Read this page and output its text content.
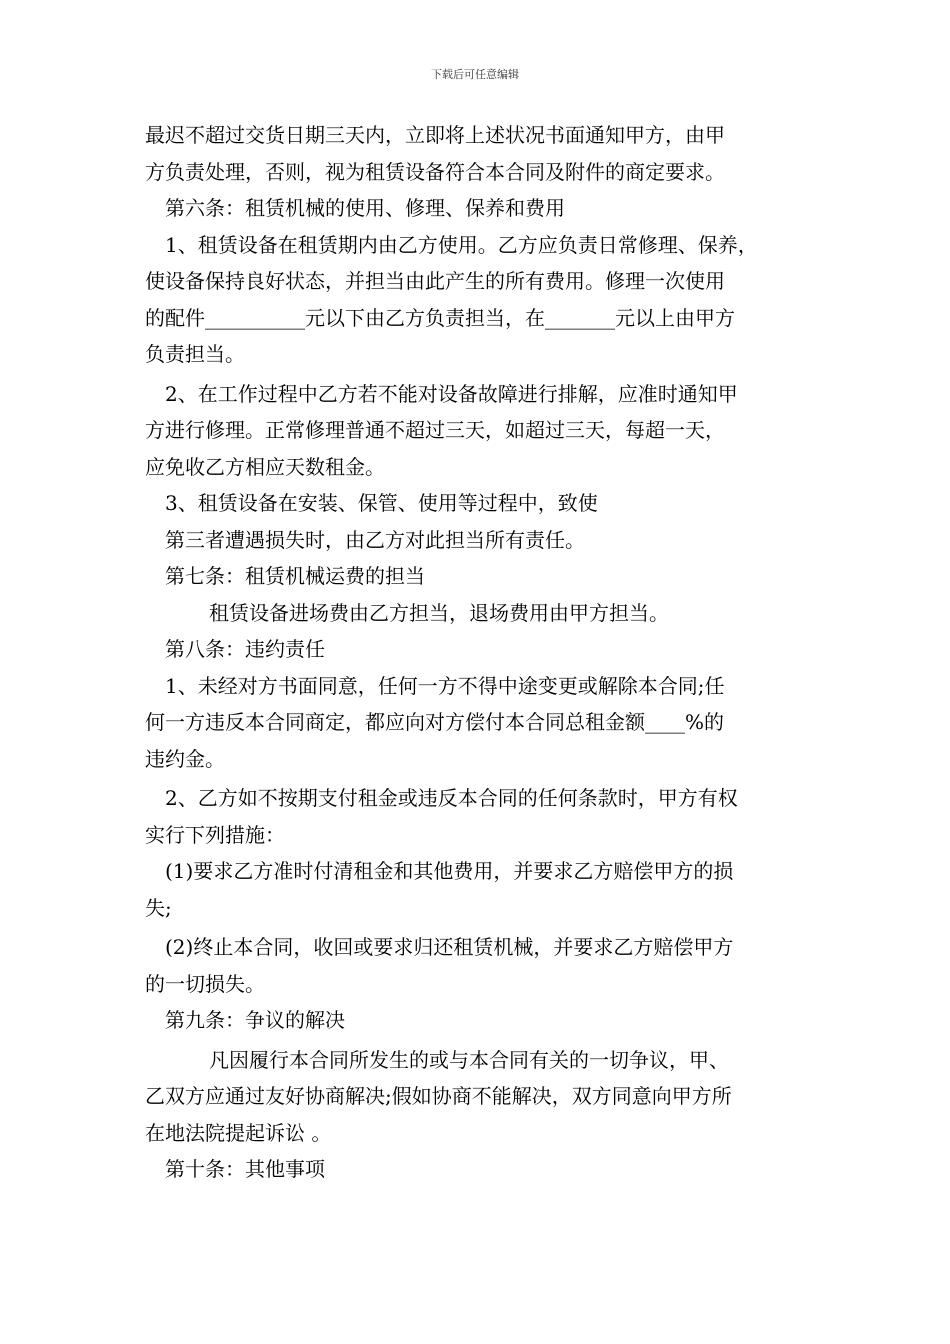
下载后可任意编辑

最迟不超过交货日期三天内，立即将上述状况书面通知甲方，由甲

方负责处理，否则，视为租赁设备符合本合同及附件的商定要求。

第六条：租赁机械的使用、修理、保养和费用

1、租赁设备在租赁期内由乙方使用。乙方应负责日常修理、保养，

使设备保持良好状态，并担当由此产生的所有费用。修理一次使用

的配件__________元以下由乙方负责担当，在_______元以上由甲方

负责担当。

2、在工作过程中乙方若不能对设备故障进行排解，应准时通知甲

方进行修理。正常修理普通不超过三天，如超过三天，每超一天，

应免收乙方相应天数租金。

3、租赁设备在安装、保管、使用等过程中，致使

第三者遭遇损失时，由乙方对此担当所有责任。

第七条：租赁机械运费的担当

租赁设备进场费由乙方担当，退场费用由甲方担当。

第八条：违约责任

1、未经对方书面同意，任何一方不得中途变更或解除本合同;任

何一方违反本合同商定，都应向对方偿付本合同总租金额____%的

违约金。

2、乙方如不按期支付租金或违反本合同的任何条款时，甲方有权

实行下列措施：

(1)要求乙方准时付清租金和其他费用，并要求乙方赔偿甲方的损

失;

(2)终止本合同，收回或要求归还租赁机械，并要求乙方赔偿甲方

的一切损失。

第九条：争议的解决

凡因履行本合同所发生的或与本合同有关的一切争议，甲、

乙双方应通过友好协商解决;假如协商不能解决，双方同意向甲方所

在地法院提起诉讼 。

第十条：其他事项
